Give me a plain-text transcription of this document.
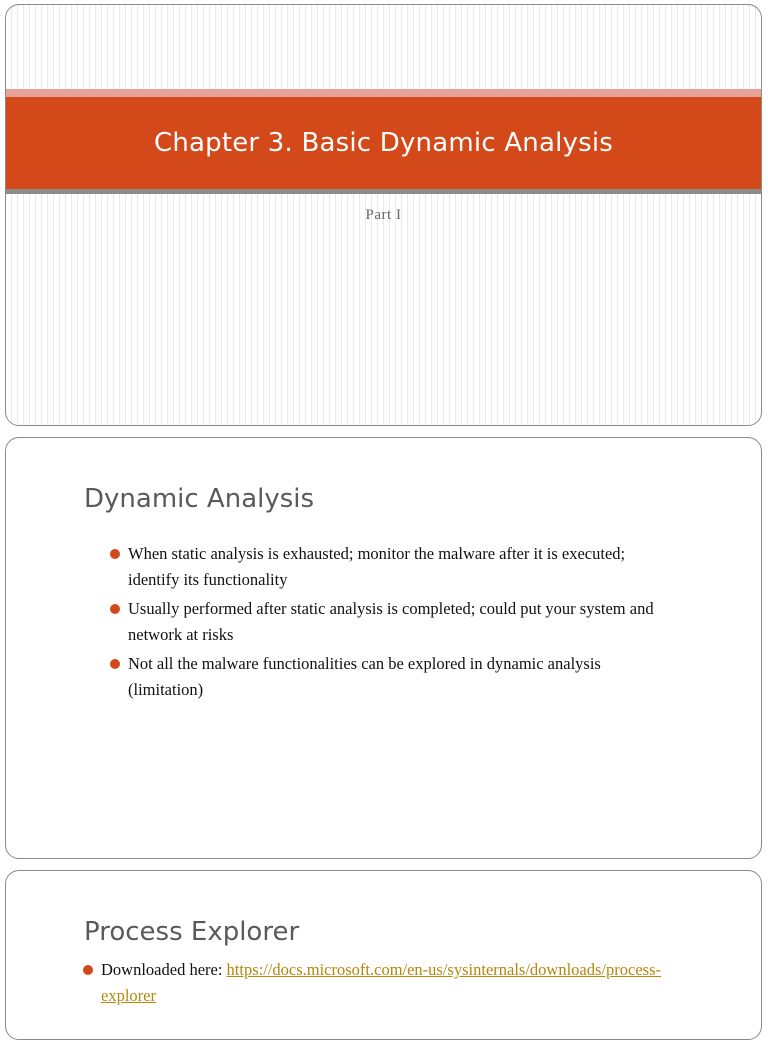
Chapter 3. Basic Dynamic Analysis
Part I
Dynamic Analysis
When static analysis is exhausted; monitor the malware after it is executed; identify its functionality
Usually performed after static analysis is completed; could put your system and network at risks
Not all the malware functionalities can be explored in dynamic analysis (limitation)
Process Explorer
Downloaded here: https://docs.microsoft.com/en-us/sysinternals/downloads/process-explorer
